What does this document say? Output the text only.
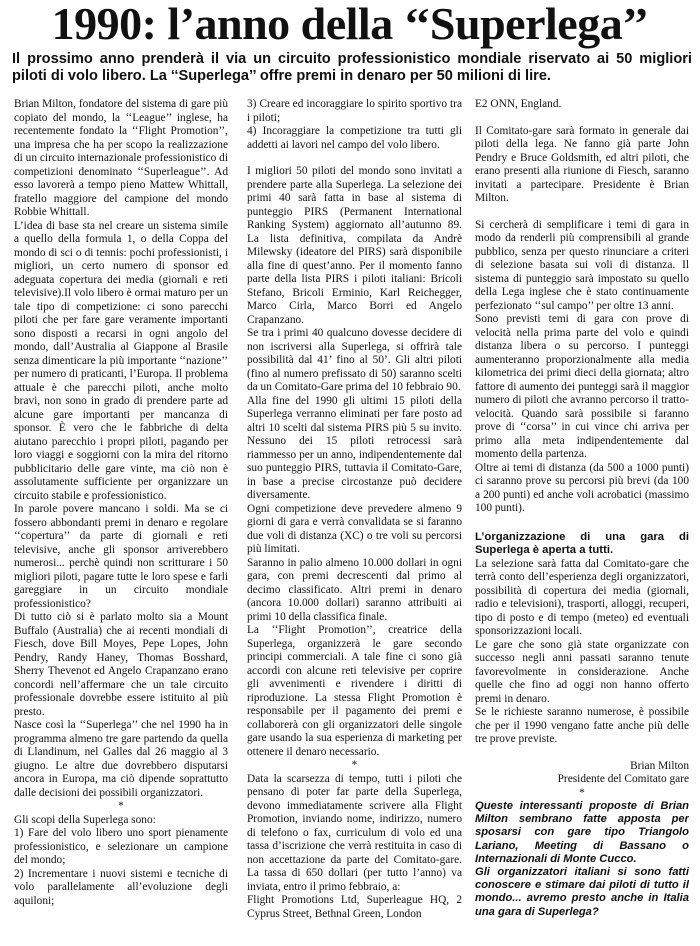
1990: l’anno della ‘‘Superlega’’
Il prossimo anno prenderà il via un circuito professionistico mondiale riservato ai 50 migliori piloti di volo libero. La ‘‘Superlega’’ offre premi in denaro per 50 milioni di lire.

Brian Milton, fondatore del sistema di gare più copiato del mondo, la ‘‘League’’ inglese, ha recentemente fondato la ‘‘Flight Promotion’’, una impresa che ha per scopo la realizzazione di un circuito internazionale professionistico di competizioni denominato ‘‘Superleague’’. Ad esso lavorerà a tempo pieno Mattew Whittall, fratello maggiore del campione del mondo Robbie Whittall.

L’idea di base sta nel creare un sistema simile a quello della formula 1, o della Coppa del mondo di sci o di tennis: pochi professionisti, i migliori, un certo numero di sponsor ed adeguata copertura dei media (giornali e reti televisive).Il volo libero è ormai maturo per un tale tipo di competizione: ci sono parecchi piloti che per fare gare veramente importanti sono disposti a recarsi in ogni angolo del mondo, dall’Australia al Giappone al Brasile senza dimenticare la più importante ‘‘nazione’’ per numero di praticanti, l’Europa. Il problema attuale è che parecchi piloti, anche molto bravi, non sono in grado di prendere parte ad alcune gare importanti per mancanza di sponsor. È vero che le fabbriche di delta aiutano parecchio i propri piloti, pagando per loro viaggi e soggiorni con la mira del ritorno pubblicitario delle gare vinte, ma ciò non è assolutamente sufficiente per organizzare un circuito stabile e professionistico.

In parole povere mancano i soldi. Ma se ci fossero abbondanti premi in denaro e regolare ‘‘copertura’’ da parte di giornali e reti televisive, anche gli sponsor arriverebbero numerosi... perchè quindi non scritturare i 50 migliori piloti, pagare tutte le loro spese e farli gareggiare in un circuito mondiale professionistico?

Di tutto ciò si è parlato molto sia a Mount Buffalo (Australia) che ai recenti mondiali di Fiesch, dove Bill Moyes, Pepe Lopes, John Pendry, Randy Haney, Thomas Bosshard, Sherry Thevenot ed Angelo Crapanzano erano concordi nell’affermare che un tale circuito professionale dovrebbe essere istituito al più presto.

Nasce così la ‘‘Superlega’’ che nel 1990 ha in programma almeno tre gare partendo da quella di Llandinum, nel Galles dal 26 maggio al 3 giugno. Le altre due dovrebbero disputarsi ancora in Europa, ma ciò dipende soprattutto dalle decisioni dei possibili organizzatori.

*

Gli scopi della Superlega sono:

1) Fare del volo libero uno sport pienamente professionistico, e selezionare un campione del mondo;

2) Incrementare i nuovi sistemi e tecniche di volo parallelamente all’evoluzione degli aquiloni;

3) Creare ed incoraggiare lo spirito sportivo tra i piloti;

4) Incoraggiare la competizione tra tutti gli addetti ai lavori nel campo del volo libero.

I migliori 50 piloti del mondo sono invitati a prendere parte alla Superlega. La selezione dei primi 40 sarà fatta in base al sistema di punteggio PIRS (Permanent International Ranking System) aggiornato all’autunno 89. La lista definitiva, compilata da Andrè Milewsky (ideatore del PIRS) sarà disponibile alla fine di quest’anno. Per il momento fanno parte della lista PIRS i piloti italiani: Bricoli Stefano, Bricoli Erminio, Karl Reichegger, Marco Cirla, Marco Borri ed Angelo Crapanzano.

Se tra i primi 40 qualcuno dovesse decidere di non iscriversi alla Superlega, si offrirà tale possibilità dal 41’ fino al 50’. Gli altri piloti (fino al numero prefissato di 50) saranno scelti da un Comitato-Gare prima del 10 febbraio 90.

Alla fine del 1990 gli ultimi 15 piloti della Superlega verranno eliminati per fare posto ad altri 10 scelti dal sistema PIRS più 5 su invito. Nessuno dei 15 piloti retrocessi sarà riammesso per un anno, indipendentemente dal suo punteggio PIRS, tuttavia il Comitato-Gare, in base a precise circostanze può decidere diversamente.

Ogni competizione deve prevedere almeno 9 giorni di gara e verrà convalidata se si faranno due voli di distanza (XC) o tre voli su percorsi più limitati.

Saranno in palio almeno 10.000 dollari in ogni gara, con premi decrescenti dal primo al decimo classificato. Altri premi in denaro (ancora 10.000 dollari) saranno attribuiti ai primi 10 della classifica finale.

La ‘‘Flight Promotion’’, creatrice della Superlega, organizzerà le gare secondo principi commerciali. A tale fine ci sono già accordi con alcune reti televisive per coprire gli avvenimenti e rivendere i diritti di riproduzione. La stessa Flight Promotion è responsabile per il pagamento dei premi e collaborerà con gli organizzatori delle singole gare usando la sua esperienza di marketing per ottenere il denaro necessario.

*

Data la scarsezza di tempo, tutti i piloti che pensano di poter far parte della Superlega, devono immediatamente scrivere alla Flight Promotion, inviando nome, indirizzo, numero di telefono o fax, curriculum di volo ed una tassa d’iscrizione che verrà restituita in caso di non accettazione da parte del Comitato-gare. La tassa di 650 dollari (per tutto l’anno) va inviata, entro il primo febbraio, a:

Flight Promotions Ltd, Superleague HQ, 2 Cyprus Street, Bethnal Green, London

E2 ONN, England.

Il Comitato-gare sarà formato in generale dai piloti della lega. Ne fanno già parte John Pendry e Bruce Goldsmith, ed altri piloti, che erano presenti alla riunione di Fiesch, saranno invitati a partecipare. Presidente è Brian Milton.

Si cercherà di semplificare i temi di gara in modo da renderli più comprensibili al grande pubblico, senza per questo rinunciare a criteri di selezione basata sui voli di distanza. Il sistema di punteggio sarà impostato su quello della Lega inglese che è stato continuamente perfezionato ‘‘sul campo’’ per oltre 13 anni.

Sono previsti temi di gara con prove di velocità nella prima parte del volo e quindi distanza libera o su percorso. I punteggi aumenteranno proporzionalmente alla media kilometrica dei primi dieci della giornata; altro fattore di aumento dei punteggi sarà il maggior numero di piloti che avranno percorso il tratto-velocità. Quando sarà possibile si faranno prove di ‘‘corsa’’ in cui vince chi arriva per primo alla meta indipendentemente dal momento della partenza.

Oltre ai temi di distanza (da 500 a 1000 punti) ci saranno prove su percorsi più brevi (da 100 a 200 punti) ed anche voli acrobatici (massimo 100 punti).

L’organizzazione di una gara di Superlega è aperta a tutti.

La selezione sarà fatta dal Comitato-gare che terrà conto dell’esperienza degli organizzatori, possibilità di copertura dei media (giornali, radio e televisioni), trasporti, alloggi, recuperi, tipo di posto e di tempo (meteo) ed eventuali sponsorizzazioni locali.

Le gare che sono già state organizzate con successo negli anni passati saranno tenute favorevolmente in considerazione. Anche quelle che fino ad oggi non hanno offerto premi in denaro.

Se le richieste saranno numerose, è possibile che per il 1990 vengano fatte anche più delle tre prove previste.

Brian Milton

Presidente del Comitato gare

*

Queste interessanti proposte di Brian Milton sembrano fatte apposta per sposarsi con gare tipo Triangolo Lariano, Meeting di Bassano o Internazionali di Monte Cucco.

Gli organizzatori italiani si sono fatti conoscere e stimare dai piloti di tutto il mondo... avremo presto anche in Italia una gara di Superlega?
